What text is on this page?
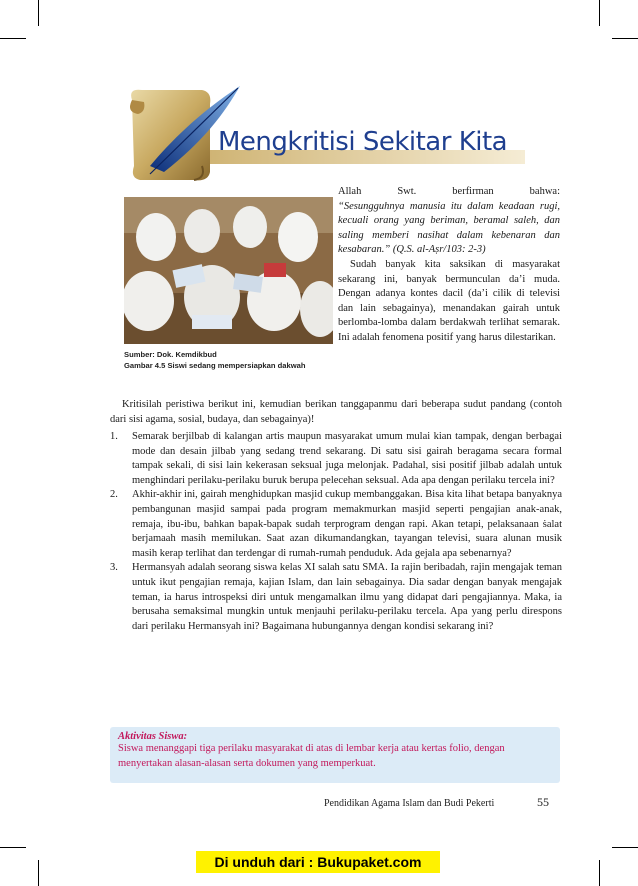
Mengkritisi Sekitar Kita
Sumber: Dok. Kemdikbud
Gambar 4.5 Siswi sedang mempersiapkan dakwah

Allah Swt. berfirman bahwa:

“Sesungguhnya manusia itu dalam keadaan rugi, kecuali orang yang beriman, beramal saleh, dan saling memberi nasihat dalam kebenaran dan kesabaran.” (Q.S. al-Aṣr/103: 2-3)

Sudah banyak kita saksikan di masyarakat sekarang ini, banyak bermunculan da’i muda. Dengan adanya kontes dacil (da’i cilik di televisi dan lain sebagainya), menandakan gairah untuk berlomba-lomba dalam berdakwah terlihat semarak. Ini adalah fenomena positif yang harus dilestarikan.

Kritisilah peristiwa berikut ini, kemudian berikan tanggapanmu dari beberapa sudut pandang (contoh dari sisi agama, sosial, budaya, dan sebagainya)!

1. Semarak berjilbab di kalangan artis maupun masyarakat umum mulai kian tampak, dengan berbagai mode dan desain jilbab yang sedang trend sekarang. Di satu sisi gairah beragama secara formal tampak sekali, di sisi lain kekerasan seksual juga melonjak. Padahal, sisi positif jilbab adalah untuk menghindari perilaku-perilaku buruk berupa pelecehan seksual. Ada apa dengan perilaku tercela ini?
2. Akhir-akhir ini, gairah menghidupkan masjid cukup membanggakan. Bisa kita lihat betapa banyaknya pembangunan masjid sampai pada program memakmurkan masjid seperti pengajian anak-anak, remaja, ibu-ibu, bahkan bapak-bapak sudah terprogram dengan rapi. Akan tetapi, pelaksanaan ṡalat berjamaah masih memilukan. Saat azan dikumandangkan, tayangan televisi, suara alunan musik masih kerap terlihat dan terdengar di rumah-rumah penduduk. Ada gejala apa sebenarnya?
3. Hermansyah adalah seorang siswa kelas XI salah satu SMA. Ia rajin beribadah, rajin mengajak teman untuk ikut pengajian remaja, kajian Islam, dan lain sebagainya. Dia sadar dengan banyak mengajak teman, ia harus introspeksi diri untuk mengamalkan ilmu yang didapat dari pengajiannya. Maka, ia berusaha semaksimal mungkin untuk menjauhi perilaku-perilaku tercela. Apa yang perlu direspons dari perilaku Hermansyah ini? Bagaimana hubungannya dengan kondisi sekarang ini?
Aktivitas Siswa:
Siswa menanggapi tiga perilaku masyarakat di atas di lembar kerja atau kertas folio, dengan menyertakan alasan-alasan serta dokumen yang memperkuat.
Pendidikan Agama Islam dan Budi Pekerti	55
Di unduh dari : Bukupaket.com
